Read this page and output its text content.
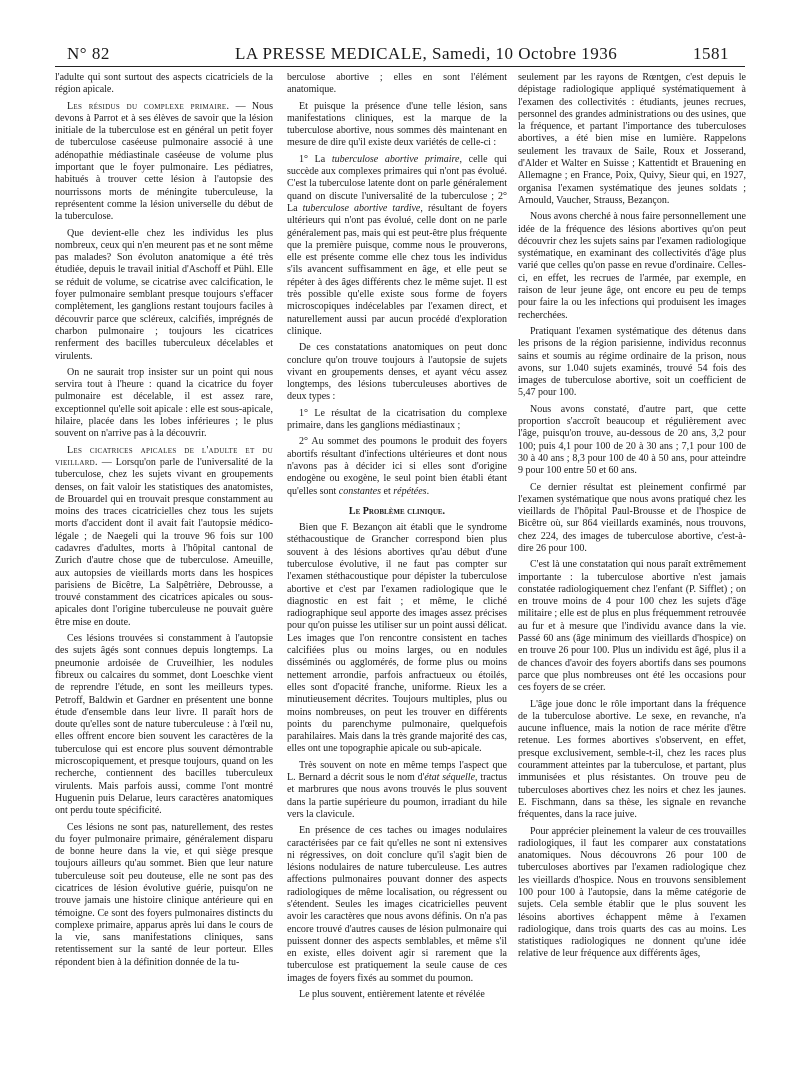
N° 82	LA PRESSE MEDICALE, Samedi, 10 Octobre 1936	1581

l'adulte qui sont surtout des aspects cicatriciels de la région apicale.

Les résidus du complexe primaire. — Nous devons à Parrot et à ses élèves de savoir que la lésion initiale de la tuberculose est en général un petit foyer de tuberculose caséeuse pulmonaire associé à une adénopathie médiastinale caséeuse de volume plus important que le foyer pulmonaire. Les pédiatres, habitués à trouver cette lésion à l'autopsie des nourrissons morts de méningite tuberculeuse, la représentent comme la lésion universelle du début de la tuberculose.

Que devient-elle chez les individus les plus nombreux, ceux qui n'en meurent pas et ne sont même pas malades? Son évoluton anatomique a été très étudiée, depuis le travail initial d'Aschoff et Pühl. Elle se réduit de volume, se cicatrise avec calcification, le foyer pulmonaire semblant presque toujours s'effacer complètement, les ganglions restant toujours faciles à découvrir parce que scléreux, calcifiés, imprégnés de charbon pulmonaire ; toujours les cicatrices renferment des bacilles tuberculeux décelables et virulents.

On ne saurait trop insister sur un point qui nous servira tout à l'heure : quand la cicatrice du foyer pulmonaire est décelable, il est assez rare, exceptionnel qu'elle soit apicale : elle est sous-apicale, hilaire, placée dans les lobes inférieures ; le plus souvent on n'arrive pas à la découvrir.

Les cicatrices apicales de l'adulte et du vieillard. — Lorsqu'on parle de l'universalité de la tuberculose, chez les sujets vivant en groupements denses, on fait valoir les statistiques des anatomistes, de Brouardel qui en trouvait presque constamment au moins des traces cicatricielles chez tous les sujets morts d'accident dont il avait fait l'autopsie médico-légale ; de Naegeli qui la trouve 96 fois sur 100 cadavres d'adultes, morts à l'hôpital cantonal de Zurich d'autre chose que de tuberculose. Ameuille, aux autopsies de vieillards morts dans les hospices parisiens de Bicêtre, La Salpêtrière, Debrousse, a trouvé constamment des cicatrices apicales ou sous-apicales dont l'origine tuberculeuse ne pouvait guère être mise en doute.

Ces lésions trouvées si constamment à l'autopsie des sujets âgés sont connues depuis longtemps. La pneumonie ardoisée de Cruveilhier, les nodules fibreux ou calcaires du sommet, dont Loeschke vient de reprendre l'étude, en sont les meilleurs types. Petroff, Baldwin et Gardner en présentent une bonne étude d'ensemble dans leur livre. Il paraît hors de doute qu'elles sont de nature tuberculeuse : à l'œil nu, elles offrent encore bien souvent les caractères de la tuberculose qui est encore plus souvent démontrable microscopiquement, et presque toujours, quand on les recherche, contiennent des bacilles tuberculeux virulents. Mais parfois aussi, comme l'ont montré Huguenin puis Delarue, leurs caractères anatomiques ont perdu toute spécificité.

Ces lésions ne sont pas, naturellement, des restes du foyer pulmonaire primaire, généralement disparu de bonne heure dans la vie, et qui siège presque toujours ailleurs qu'au sommet. Bien que leur nature tuberculeuse soit peu douteuse, elle ne sont pas des cicatrices de lésion évolutive guérie, puisqu'on ne trouve jamais une histoire clinique antérieure qui en témoigne. Ce sont des foyers pulmonaires distincts du complexe primaire, apparus après lui dans le cours de la vie, sans manifestations cliniques, sans retentissement sur la santé de leur porteur. Elles répondent bien à la définition donnée de la tu-

berculose abortive ; elles en sont l'élément anatomique.

Et puisque la présence d'une telle lésion, sans manifestations cliniques, est la marque de la tuberculose abortive, nous sommes dès maintenant en mesure de dire qu'il existe deux variétés de celle-ci :

1° La tuberculose abortive primaire, celle qui succède aux complexes primaires qui n'ont pas évolué. C'est la tuberculose latente dont on parle généralement quand on discute l'universalité de la tuberculose ; 2° La tuberculose abortive tardive, résultant de foyers ultérieurs qui n'ont pas évolué, celle dont on ne parle généralement pas, mais qui est peut-être plus fréquente que la première puisque, comme nous le prouverons, elle est présente comme elle chez tous les individus s'ils avancent suffisamment en âge, et elle peut se répéter à des âges différents chez le même sujet. Il est très possible qu'elle existe sous forme de foyers microscopiques indécelables par l'examen direct, et naturellement aussi par aucun procédé d'exploration clinique.

De ces constatations anatomiques on peut donc conclure qu'on trouve toujours à l'autopsie de sujets vivant en groupements denses, et ayant vécu assez longtemps, des lésions tuberculeuses abortives de deux types :

1° Le résultat de la cicatrisation du complexe primaire, dans les ganglions médiastinaux ;

2° Au sommet des poumons le produit des foyers abortifs résultant d'infections ultérieures et dont nous n'avons pas à décider ici si elles sont d'origine endogène ou exogène, le seul point bien établi étant qu'elles sont constantes et répétées.

Le Problème clinique.

Bien que F. Bezançon ait établi que le syndrome stéthacoustique de Grancher correspond bien plus souvent à des lésions abortives qu'au début d'une tuberculose évolutive, il ne faut pas compter sur l'examen stéthacoustique pour dépister la tuberculose abortive et c'est par l'examen radiologique que le diagnostic en est fait ; et même, le cliché radiographique seul apporte des images assez précises pour qu'on puisse les utiliser sur un point aussi délicat. Les images que l'on rencontre consistent en taches calcifiées plus ou moins larges, ou en nodules disséminés ou agglomérés, de forme plus ou moins nettement arrondie, parfois anfractueux ou étoilés, elles sont d'opacité franche, uniforme. Rieux les a minutieusement décrites. Toujours multiples, plus ou moins nombreuses, on peut les trouver en différents points du parenchyme pulmonaire, quelquefois parahilaires. Mais dans la très grande majorité des cas, elles ont une topographie apicale ou sub-apicale.

Très souvent on note en même temps l'aspect que L. Bernard a décrit sous le nom d'état séquelle, tractus et marbrures que nous avons trouvés le plus souvent dans la partie supérieure du poumon, irradiant du hile vers la clavicule.

En présence de ces taches ou images nodulaires caractérisées par ce fait qu'elles ne sont ni extensives ni régressives, on doit conclure qu'il s'agit bien de lésions nodulaires de nature tuberculeuse. Les autres affections pulmonaires pouvant donner des aspects radiologiques de même localisation, ou régressent ou s'étendent. Seules les images cicatricielles peuvent avoir les caractères que nous avons définis. On n'a pas encore trouvé d'autres causes de lésion pulmonaire qui puissent donner des aspects semblables, et même s'il en existe, elles doivent agir si rarement que la tuberculose est pratiquement la seule cause de ces images de foyers fixés au sommet du poumon.

Le plus souvent, entièrement latente et révélée

seulement par les rayons de Rœntgen, c'est depuis le dépistage radiologique appliqué systématiquement à l'examen des collectivités : étudiants, jeunes recrues, personnel des grandes administrations ou des usines, que la fréquence, et partant l'importance des tuberculoses abortives, a été bien mise en lumière. Rappelons seulement les travaux de Saile, Roux et Josserand, d'Alder et Walter en Suisse ; Kattentidt et Brauening en Allemagne ; en France, Poix, Quivy, Sieur qui, en 1927, organisa l'examen systématique des jeunes soldats ; Arnould, Vaucher, Strauss, Bezançon.

Nous avons cherché à nous faire personnellement une idée de la fréquence des lésions abortives qu'on peut découvrir chez les sujets sains par l'examen radiologique systématique, en examinant des collectivités d'âge plus varié que celles qu'on passe en revue d'ordinaire. Celles-ci, en effet, les recrues de l'armée, par exemple, en raison de leur jeune âge, ont encore eu peu de temps pour faire la ou les infections qui produisent les images recherchées.

Pratiquant l'examen systématique des détenus dans les prisons de la région parisienne, individus reconnus sains et soumis au régime ordinaire de la prison, nous avons, sur 1.040 sujets examinés, trouvé 54 fois des images de tuberculose abortive, soit un coefficient de 5,47 pour 100.

Nous avons constaté, d'autre part, que cette proportion s'accroît beaucoup et régulièrement avec l'âge, puisqu'on trouve, au-dessous de 20 ans, 3,2 pour 100; puis 4,1 pour 100 de 20 à 30 ans ; 7,1 pour 100 de 30 à 40 ans ; 8,3 pour 100 de 40 à 50 ans, pour atteindre 9 pour 100 entre 50 et 60 ans.

Ce dernier résultat est pleinement confirmé par l'examen systématique que nous avons pratiqué chez les vieillards de l'hôpital Paul-Brousse et de l'hospice de Bicêtre où, sur 864 vieillards examinés, nous trouvons, chez 224, des images de tuberculose abortive, c'est-à-dire 26 pour 100.

C'est là une constatation qui nous paraît extrêmement importante : la tuberculose abortive n'est jamais constatée radiologiquement chez l'enfant (P. Sifflet) ; on en trouve moins de 4 pour 100 chez les sujets d'âge militaire ; elle est de plus en plus fréquemment retrouvée au fur et à mesure que l'individu avance dans la vie. Passé 60 ans (âge minimum des vieillards d'hospice) on en trouve 26 pour 100. Plus un individu est âgé, plus il a de chances d'avoir des foyers abortifs dans ses poumons parce que plus nombreuses ont été les occasions pour ces foyers de se créer.

L'âge joue donc le rôle important dans la fréquence de la tuberculose abortive. Le sexe, en revanche, n'a aucune influence, mais la notion de race mérite d'être retenue. Les formes abortives s'observent, en effet, presque exclusivement, semble-t-il, chez les races plus couramment atteintes par la tuberculose, et partant, plus immunisées et plus résistantes. On trouve peu de tuberculoses abortives chez les noirs et chez les jaunes. E. Fischmann, dans sa thèse, les signale en revanche fréquentes, dans la race juive.

Pour apprécier pleinement la valeur de ces trouvailles radiologiques, il faut les comparer aux constatations anatomiques. Nous découvrons 26 pour 100 de tuberculoses abortives par l'examen radiologique chez les vieillards d'hospice. Nous en trouvons sensiblement 100 pour 100 à l'autopsie, dans la même catégorie de sujets. Cela semble établir que le plus souvent les lésoins abortives échappent même à l'examen radiologique, dans trois quarts des cas au moins. Les statistiques radiologiques ne donnent qu'une idée relative de leur fréquence aux différents âges,
